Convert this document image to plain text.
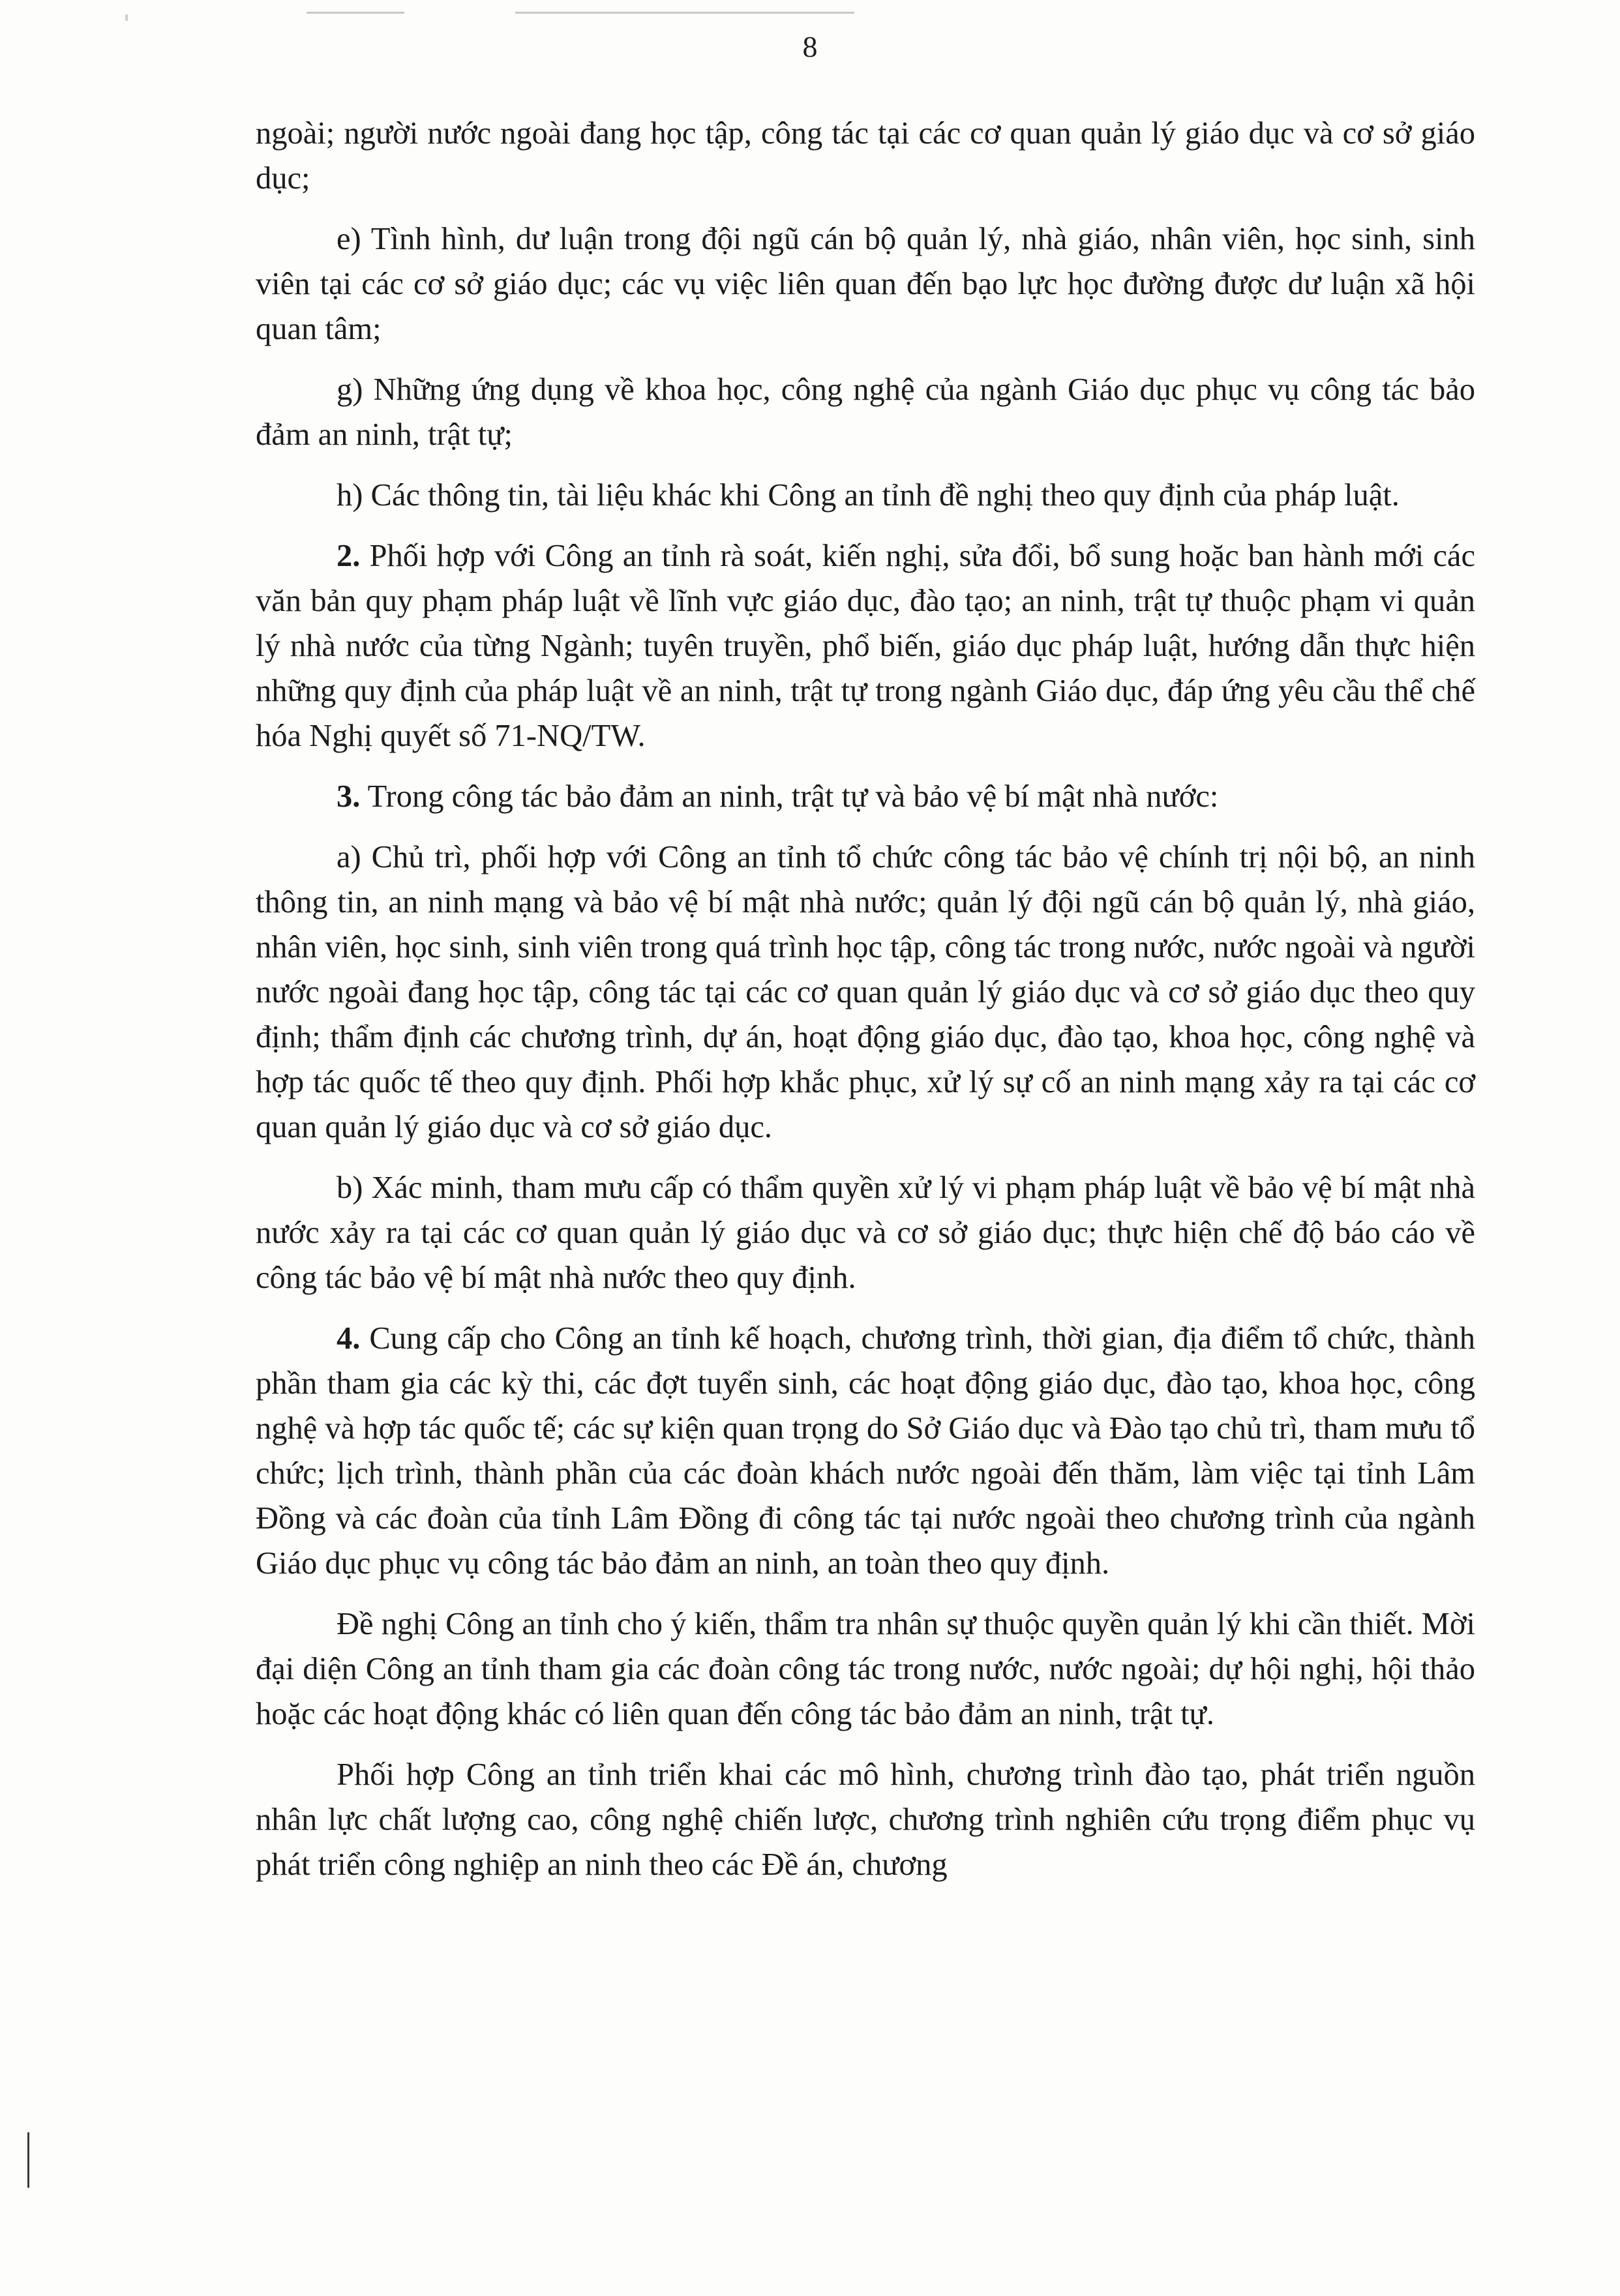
8

ngoài; người nước ngoài đang học tập, công tác tại các cơ quan quản lý giáo dục và cơ sở giáo dục;

e) Tình hình, dư luận trong đội ngũ cán bộ quản lý, nhà giáo, nhân viên, học sinh, sinh viên tại các cơ sở giáo dục; các vụ việc liên quan đến bạo lực học đường được dư luận xã hội quan tâm;

g) Những ứng dụng về khoa học, công nghệ của ngành Giáo dục phục vụ công tác bảo đảm an ninh, trật tự;

h) Các thông tin, tài liệu khác khi Công an tỉnh đề nghị theo quy định của pháp luật.

2. Phối hợp với Công an tỉnh rà soát, kiến nghị, sửa đổi, bổ sung hoặc ban hành mới các văn bản quy phạm pháp luật về lĩnh vực giáo dục, đào tạo; an ninh, trật tự thuộc phạm vi quản lý nhà nước của từng Ngành; tuyên truyền, phổ biến, giáo dục pháp luật, hướng dẫn thực hiện những quy định của pháp luật về an ninh, trật tự trong ngành Giáo dục, đáp ứng yêu cầu thể chế hóa Nghị quyết số 71-NQ/TW.

3. Trong công tác bảo đảm an ninh, trật tự và bảo vệ bí mật nhà nước:

a) Chủ trì, phối hợp với Công an tỉnh tổ chức công tác bảo vệ chính trị nội bộ, an ninh thông tin, an ninh mạng và bảo vệ bí mật nhà nước; quản lý đội ngũ cán bộ quản lý, nhà giáo, nhân viên, học sinh, sinh viên trong quá trình học tập, công tác trong nước, nước ngoài và người nước ngoài đang học tập, công tác tại các cơ quan quản lý giáo dục và cơ sở giáo dục theo quy định; thẩm định các chương trình, dự án, hoạt động giáo dục, đào tạo, khoa học, công nghệ và hợp tác quốc tế theo quy định. Phối hợp khắc phục, xử lý sự cố an ninh mạng xảy ra tại các cơ quan quản lý giáo dục và cơ sở giáo dục.

b) Xác minh, tham mưu cấp có thẩm quyền xử lý vi phạm pháp luật về bảo vệ bí mật nhà nước xảy ra tại các cơ quan quản lý giáo dục và cơ sở giáo dục; thực hiện chế độ báo cáo về công tác bảo vệ bí mật nhà nước theo quy định.

4. Cung cấp cho Công an tỉnh kế hoạch, chương trình, thời gian, địa điểm tổ chức, thành phần tham gia các kỳ thi, các đợt tuyển sinh, các hoạt động giáo dục, đào tạo, khoa học, công nghệ và hợp tác quốc tế; các sự kiện quan trọng do Sở Giáo dục và Đào tạo chủ trì, tham mưu tổ chức; lịch trình, thành phần của các đoàn khách nước ngoài đến thăm, làm việc tại tỉnh Lâm Đồng và các đoàn của tỉnh Lâm Đồng đi công tác tại nước ngoài theo chương trình của ngành Giáo dục phục vụ công tác bảo đảm an ninh, an toàn theo quy định.

Đề nghị Công an tỉnh cho ý kiến, thẩm tra nhân sự thuộc quyền quản lý khi cần thiết. Mời đại diện Công an tỉnh tham gia các đoàn công tác trong nước, nước ngoài; dự hội nghị, hội thảo hoặc các hoạt động khác có liên quan đến công tác bảo đảm an ninh, trật tự.

Phối hợp Công an tỉnh triển khai các mô hình, chương trình đào tạo, phát triển nguồn nhân lực chất lượng cao, công nghệ chiến lược, chương trình nghiên cứu trọng điểm phục vụ phát triển công nghiệp an ninh theo các Đề án, chương
